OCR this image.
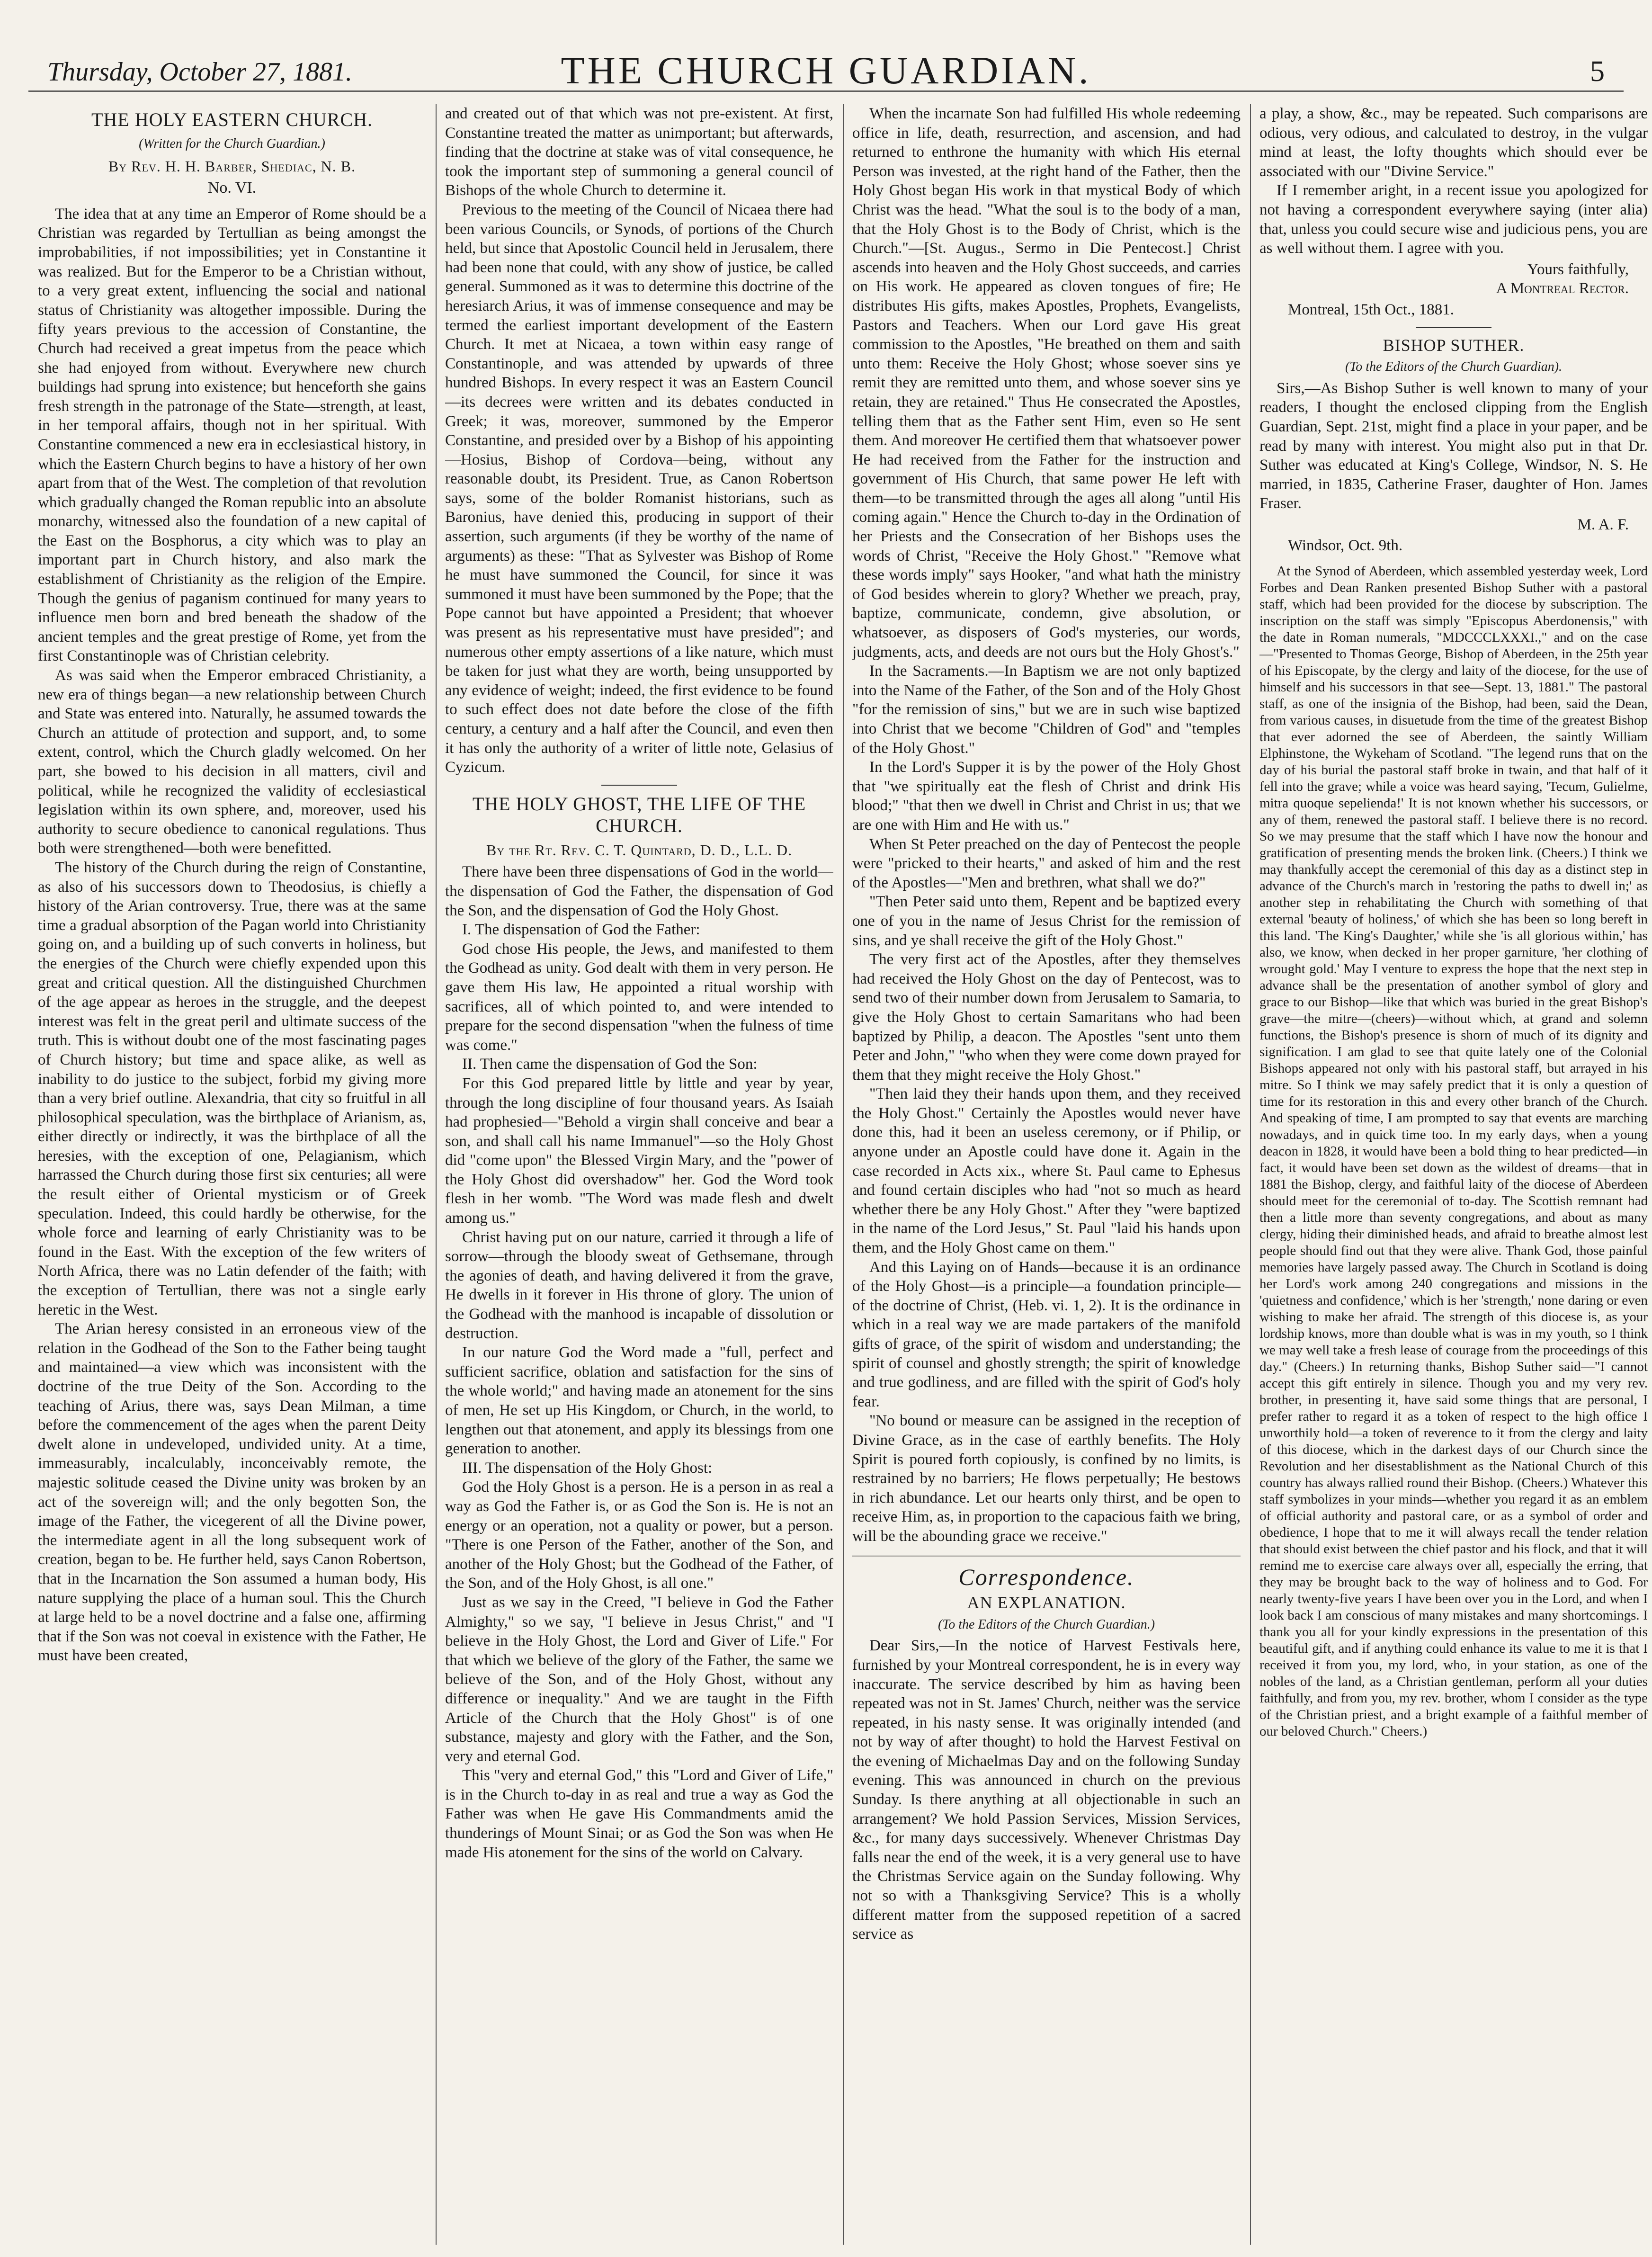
Thursday, October 27, 1881.	THE CHURCH GUARDIAN.	5
THE HOLY EASTERN CHURCH.
(Written for the Church Guardian.)
By Rev. H. H. Barber, Shediac, N. B.
No. VI.

The idea that at any time an Emperor of Rome should be a Christian was regarded by Tertullian as being amongst the improbabilities, if not impossibilities; yet in Constantine it was realized. But for the Emperor to be a Christian without, to a very great extent, influencing the social and national status of Christianity was altogether impossible. During the fifty years previous to the accession of Constantine, the Church had received a great impetus from the peace which she had enjoyed from without. Everywhere new church buildings had sprung into existence; but henceforth she gains fresh strength in the patronage of the State—strength, at least, in her temporal affairs, though not in her spiritual. With Constantine commenced a new era in ecclesiastical history, in which the Eastern Church begins to have a history of her own apart from that of the West. The completion of that revolution which gradually changed the Roman republic into an absolute monarchy, witnessed also the foundation of a new capital of the East on the Bosphorus, a city which was to play an important part in Church history, and also mark the establishment of Christianity as the religion of the Empire. Though the genius of paganism continued for many years to influence men born and bred beneath the shadow of the ancient temples and the great prestige of Rome, yet from the first Constantinople was of Christian celebrity.

As was said when the Emperor embraced Christianity, a new era of things began—a new relationship between Church and State was entered into. Naturally, he assumed towards the Church an attitude of protection and support, and, to some extent, control, which the Church gladly welcomed. On her part, she bowed to his decision in all matters, civil and political, while he recognized the validity of ecclesiastical legislation within its own sphere, and, moreover, used his authority to secure obedience to canonical regulations. Thus both were strengthened—both were benefitted.

The history of the Church during the reign of Constantine, as also of his successors down to Theodosius, is chiefly a history of the Arian controversy. True, there was at the same time a gradual absorption of the Pagan world into Christianity going on, and a building up of such converts in holiness, but the energies of the Church were chiefly expended upon this great and critical question. All the distinguished Churchmen of the age appear as heroes in the struggle, and the deepest interest was felt in the great peril and ultimate success of the truth. This is without doubt one of the most fascinating pages of Church history; but time and space alike, as well as inability to do justice to the subject, forbid my giving more than a very brief outline. Alexandria, that city so fruitful in all philosophical speculation, was the birthplace of Arianism, as, either directly or indirectly, it was the birthplace of all the heresies, with the exception of one, Pelagianism, which harrassed the Church during those first six centuries; all were the result either of Oriental mysticism or of Greek speculation. Indeed, this could hardly be otherwise, for the whole force and learning of early Christianity was to be found in the East. With the exception of the few writers of North Africa, there was no Latin defender of the faith; with the exception of Tertullian, there was not a single early heretic in the West.

The Arian heresy consisted in an erroneous view of the relation in the Godhead of the Son to the Father being taught and maintained—a view which was inconsistent with the doctrine of the true Deity of the Son. According to the teaching of Arius, there was, says Dean Milman, a time before the commencement of the ages when the parent Deity dwelt alone in undeveloped, undivided unity. At a time, immeasurably, incalculably, inconceivably remote, the majestic solitude ceased the Divine unity was broken by an act of the sovereign will; and the only begotten Son, the image of the Father, the vicegerent of all the Divine power, the intermediate agent in all the long subsequent work of creation, began to be. He further held, says Canon Robertson, that in the Incarnation the Son assumed a human body, His nature supplying the place of a human soul. This the Church at large held to be a novel doctrine and a false one, affirming that if the Son was not coeval in existence with the Father, He must have been created,

and created out of that which was not pre-existent. At first, Constantine treated the matter as unimportant; but afterwards, finding that the doctrine at stake was of vital consequence, he took the important step of summoning a general council of Bishops of the whole Church to determine it.

Previous to the meeting of the Council of Nicaea there had been various Councils, or Synods, of portions of the Church held, but since that Apostolic Council held in Jerusalem, there had been none that could, with any show of justice, be called general. Summoned as it was to determine this doctrine of the heresiarch Arius, it was of immense consequence and may be termed the earliest important development of the Eastern Church. It met at Nicaea, a town within easy range of Constantinople, and was attended by upwards of three hundred Bishops. In every respect it was an Eastern Council—its decrees were written and its debates conducted in Greek; it was, moreover, summoned by the Emperor Constantine, and presided over by a Bishop of his appointing—Hosius, Bishop of Cordova—being, without any reasonable doubt, its President. True, as Canon Robertson says, some of the bolder Romanist historians, such as Baronius, have denied this, producing in support of their assertion, such arguments (if they be worthy of the name of arguments) as these: "That as Sylvester was Bishop of Rome he must have summoned the Council, for since it was summoned it must have been summoned by the Pope; that the Pope cannot but have appointed a President; that whoever was present as his representative must have presided"; and numerous other empty assertions of a like nature, which must be taken for just what they are worth, being unsupported by any evidence of weight; indeed, the first evidence to be found to such effect does not date before the close of the fifth century, a century and a half after the Council, and even then it has only the authority of a writer of little note, Gelasius of Cyzicum.

THE HOLY GHOST, THE LIFE OF THE CHURCH.
By the Rt. Rev. C. T. Quintard, D. D., L.L. D.

There have been three dispensations of God in the world—the dispensation of God the Father, the dispensation of God the Son, and the dispensation of God the Holy Ghost.

I. The dispensation of God the Father:

God chose His people, the Jews, and manifested to them the Godhead as unity. God dealt with them in very person. He gave them His law, He appointed a ritual worship with sacrifices, all of which pointed to, and were intended to prepare for the second dispensation "when the fulness of time was come."

II. Then came the dispensation of God the Son:

For this God prepared little by little and year by year, through the long discipline of four thousand years. As Isaiah had prophesied—"Behold a virgin shall conceive and bear a son, and shall call his name Immanuel"—so the Holy Ghost did "come upon" the Blessed Virgin Mary, and the "power of the Holy Ghost did overshadow" her. God the Word took flesh in her womb. "The Word was made flesh and dwelt among us."

Christ having put on our nature, carried it through a life of sorrow—through the bloody sweat of Gethsemane, through the agonies of death, and having delivered it from the grave, He dwells in it forever in His throne of glory. The union of the Godhead with the manhood is incapable of dissolution or destruction.

In our nature God the Word made a "full, perfect and sufficient sacrifice, oblation and satisfaction for the sins of the whole world;" and having made an atonement for the sins of men, He set up His Kingdom, or Church, in the world, to lengthen out that atonement, and apply its blessings from one generation to another.

III. The dispensation of the Holy Ghost:

God the Holy Ghost is a person. He is a person in as real a way as God the Father is, or as God the Son is. He is not an energy or an operation, not a quality or power, but a person. "There is one Person of the Father, another of the Son, and another of the Holy Ghost; but the Godhead of the Father, of the Son, and of the Holy Ghost, is all one."

Just as we say in the Creed, "I believe in God the Father Almighty," so we say, "I believe in Jesus Christ," and "I believe in the Holy Ghost, the Lord and Giver of Life." For that which we believe of the glory of the Father, the same we believe of the Son, and of the Holy Ghost, without any difference or inequality." And we are taught in the Fifth Article of the Church that the Holy Ghost" is of one substance, majesty and glory with the Father, and the Son, very and eternal God.

This "very and eternal God," this "Lord and Giver of Life," is in the Church to-day in as real and true a way as God the Father was when He gave His Commandments amid the thunderings of Mount Sinai; or as God the Son was when He made His atonement for the sins of the world on Calvary.

When the incarnate Son had fulfilled His whole redeeming office in life, death, resurrection, and ascension, and had returned to enthrone the humanity with which His eternal Person was invested, at the right hand of the Father, then the Holy Ghost began His work in that mystical Body of which Christ was the head. "What the soul is to the body of a man, that the Holy Ghost is to the Body of Christ, which is the Church."—[St. Augus., Sermo in Die Pentecost.] Christ ascends into heaven and the Holy Ghost succeeds, and carries on His work. He appeared as cloven tongues of fire; He distributes His gifts, makes Apostles, Prophets, Evangelists, Pastors and Teachers. When our Lord gave His great commission to the Apostles, "He breathed on them and saith unto them: Receive the Holy Ghost; whose soever sins ye remit they are remitted unto them, and whose soever sins ye retain, they are retained." Thus He consecrated the Apostles, telling them that as the Father sent Him, even so He sent them. And moreover He certified them that whatsoever power He had received from the Father for the instruction and government of His Church, that same power He left with them—to be transmitted through the ages all along "until His coming again." Hence the Church to-day in the Ordination of her Priests and the Consecration of her Bishops uses the words of Christ, "Receive the Holy Ghost." "Remove what these words imply" says Hooker, "and what hath the ministry of God besides wherein to glory? Whether we preach, pray, baptize, communicate, condemn, give absolution, or whatsoever, as disposers of God's mysteries, our words, judgments, acts, and deeds are not ours but the Holy Ghost's."

In the Sacraments.—In Baptism we are not only baptized into the Name of the Father, of the Son and of the Holy Ghost "for the remission of sins," but we are in such wise baptized into Christ that we become "Children of God" and "temples of the Holy Ghost."

In the Lord's Supper it is by the power of the Holy Ghost that "we spiritually eat the flesh of Christ and drink His blood;" "that then we dwell in Christ and Christ in us; that we are one with Him and He with us."

When St Peter preached on the day of Pentecost the people were "pricked to their hearts," and asked of him and the rest of the Apostles—"Men and brethren, what shall we do?"

"Then Peter said unto them, Repent and be baptized every one of you in the name of Jesus Christ for the remission of sins, and ye shall receive the gift of the Holy Ghost."

The very first act of the Apostles, after they themselves had received the Holy Ghost on the day of Pentecost, was to send two of their number down from Jerusalem to Samaria, to give the Holy Ghost to certain Samaritans who had been baptized by Philip, a deacon. The Apostles "sent unto them Peter and John," "who when they were come down prayed for them that they might receive the Holy Ghost."

"Then laid they their hands upon them, and they received the Holy Ghost." Certainly the Apostles would never have done this, had it been an useless ceremony, or if Philip, or anyone under an Apostle could have done it. Again in the case recorded in Acts xix., where St. Paul came to Ephesus and found certain disciples who had "not so much as heard whether there be any Holy Ghost." After they "were baptized in the name of the Lord Jesus," St. Paul "laid his hands upon them, and the Holy Ghost came on them."

And this Laying on of Hands—because it is an ordinance of the Holy Ghost—is a principle—a foundation principle—of the doctrine of Christ, (Heb. vi. 1, 2). It is the ordinance in which in a real way we are made partakers of the manifold gifts of grace, of the spirit of wisdom and understanding; the spirit of counsel and ghostly strength; the spirit of knowledge and true godliness, and are filled with the spirit of God's holy fear.

"No bound or measure can be assigned in the reception of Divine Grace, as in the case of earthly benefits. The Holy Spirit is poured forth copiously, is confined by no limits, is restrained by no barriers; He flows perpetually; He bestows in rich abundance. Let our hearts only thirst, and be open to receive Him, as, in proportion to the capacious faith we bring, will be the abounding grace we receive."

Correspondence.
AN EXPLANATION.
(To the Editors of the Church Guardian.)

Dear Sirs,—In the notice of Harvest Festivals here, furnished by your Montreal correspondent, he is in every way inaccurate. The service described by him as having been repeated was not in St. James' Church, neither was the service repeated, in his nasty sense. It was originally intended (and not by way of after thought) to hold the Harvest Festival on the evening of Michaelmas Day and on the following Sunday evening. This was announced in church on the previous Sunday. Is there anything at all objectionable in such an arrangement? We hold Passion Services, Mission Services, &c., for many days successively. Whenever Christmas Day falls near the end of the week, it is a very general use to have the Christmas Service again on the Sunday following. Why not so with a Thanksgiving Service? This is a wholly different matter from the supposed repetition of a sacred service as

a play, a show, &c., may be repeated. Such comparisons are odious, very odious, and calculated to destroy, in the vulgar mind at least, the lofty thoughts which should ever be associated with our "Divine Service."

If I remember aright, in a recent issue you apologized for not having a correspondent everywhere saying (inter alia) that, unless you could secure wise and judicious pens, you are as well without them. I agree with you.

Yours faithfully,

A Montreal Rector.

Montreal, 15th Oct., 1881.

BISHOP SUTHER.
(To the Editors of the Church Guardian).

Sirs,—As Bishop Suther is well known to many of your readers, I thought the enclosed clipping from the English Guardian, Sept. 21st, might find a place in your paper, and be read by many with interest. You might also put in that Dr. Suther was educated at King's College, Windsor, N. S. He married, in 1835, Catherine Fraser, daughter of Hon. James Fraser.

M. A. F.

Windsor, Oct. 9th.

At the Synod of Aberdeen, which assembled yesterday week, Lord Forbes and Dean Ranken presented Bishop Suther with a pastoral staff, which had been provided for the diocese by subscription. The inscription on the staff was simply "Episcopus Aberdonensis," with the date in Roman numerals, "MDCCCLXXXI.," and on the case—"Presented to Thomas George, Bishop of Aberdeen, in the 25th year of his Episcopate, by the clergy and laity of the diocese, for the use of himself and his successors in that see—Sept. 13, 1881." The pastoral staff, as one of the insignia of the Bishop, had been, said the Dean, from various causes, in disuetude from the time of the greatest Bishop that ever adorned the see of Aberdeen, the saintly William Elphinstone, the Wykeham of Scotland. "The legend runs that on the day of his burial the pastoral staff broke in twain, and that half of it fell into the grave; while a voice was heard saying, 'Tecum, Gulielme, mitra quoque sepelienda!' It is not known whether his successors, or any of them, renewed the pastoral staff. I believe there is no record. So we may presume that the staff which I have now the honour and gratification of presenting mends the broken link. (Cheers.) I think we may thankfully accept the ceremonial of this day as a distinct step in advance of the Church's march in 'restoring the paths to dwell in;' as another step in rehabilitating the Church with something of that external 'beauty of holiness,' of which she has been so long bereft in this land. 'The King's Daughter,' while she 'is all glorious within,' has also, we know, when decked in her proper garniture, 'her clothing of wrought gold.' May I venture to express the hope that the next step in advance shall be the presentation of another symbol of glory and grace to our Bishop—like that which was buried in the great Bishop's grave—the mitre—(cheers)—without which, at grand and solemn functions, the Bishop's presence is shorn of much of its dignity and signification. I am glad to see that quite lately one of the Colonial Bishops appeared not only with his pastoral staff, but arrayed in his mitre. So I think we may safely predict that it is only a question of time for its restoration in this and every other branch of the Church. And speaking of time, I am prompted to say that events are marching nowadays, and in quick time too. In my early days, when a young deacon in 1828, it would have been a bold thing to hear predicted—in fact, it would have been set down as the wildest of dreams—that in 1881 the Bishop, clergy, and faithful laity of the diocese of Aberdeen should meet for the ceremonial of to-day. The Scottish remnant had then a little more than seventy congregations, and about as many clergy, hiding their diminished heads, and afraid to breathe almost lest people should find out that they were alive. Thank God, those painful memories have largely passed away. The Church in Scotland is doing her Lord's work among 240 congregations and missions in the 'quietness and confidence,' which is her 'strength,' none daring or even wishing to make her afraid. The strength of this diocese is, as your lordship knows, more than double what is was in my youth, so I think we may well take a fresh lease of courage from the proceedings of this day." (Cheers.) In returning thanks, Bishop Suther said—"I cannot accept this gift entirely in silence. Though you and my very rev. brother, in presenting it, have said some things that are personal, I prefer rather to regard it as a token of respect to the high office I unworthily hold—a token of reverence to it from the clergy and laity of this diocese, which in the darkest days of our Church since the Revolution and her disestablishment as the National Church of this country has always rallied round their Bishop. (Cheers.) Whatever this staff symbolizes in your minds—whether you regard it as an emblem of official authority and pastoral care, or as a symbol of order and obedience, I hope that to me it will always recall the tender relation that should exist between the chief pastor and his flock, and that it will remind me to exercise care always over all, especially the erring, that they may be brought back to the way of holiness and to God. For nearly twenty-five years I have been over you in the Lord, and when I look back I am conscious of many mistakes and many shortcomings. I thank you all for your kindly expressions in the presentation of this beautiful gift, and if anything could enhance its value to me it is that I received it from you, my lord, who, in your station, as one of the nobles of the land, as a Christian gentleman, perform all your duties faithfully, and from you, my rev. brother, whom I consider as the type of the Christian priest, and a bright example of a faithful member of our beloved Church." Cheers.)
